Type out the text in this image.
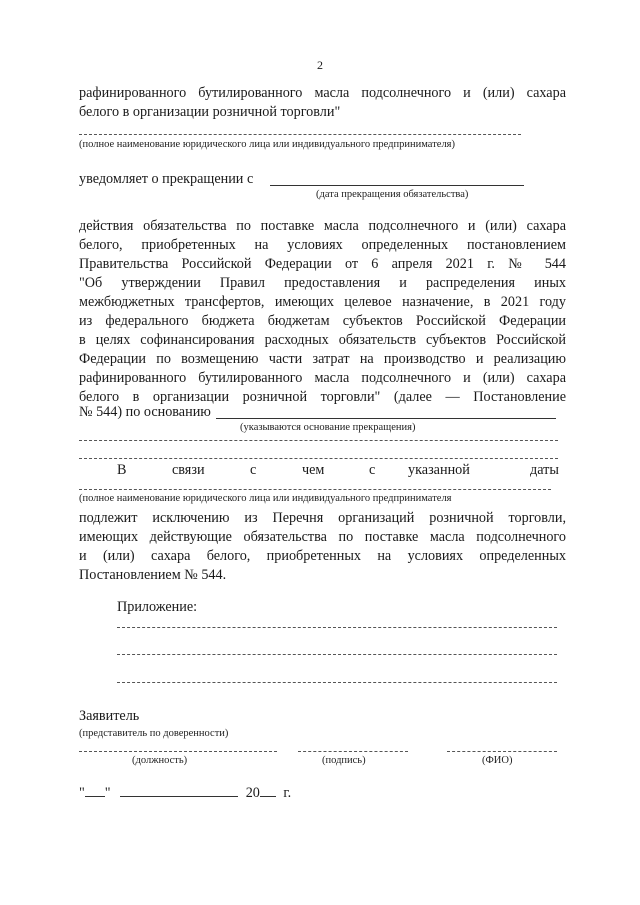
2
рафинированного бутилированного масла подсолнечного и (или) сахара
белого в организации розничной торговли"
(полное наименование юридического лица или индивидуального предпринимателя)
уведомляет о прекращении с
(дата прекращения обязательства)
действия обязательства по поставке масла подсолнечного и (или) сахара
белого, приобретенных на условиях определенных постановлением
Правительства Российской Федерации от 6 апреля 2021 г. № 544
"Об утверждении Правил предоставления и распределения иных
межбюджетных трансфертов, имеющих целевое назначение, в 2021 году
из федерального бюджета бюджетам субъектов Российской Федерации
в целях софинансирования расходных обязательств субъектов Российской
Федерации по возмещению части затрат на производство и реализацию
рафинированного бутилированного масла подсолнечного и (или) сахара
белого в организации розничной торговли" (далее — Постановление
№ 544) по основанию
(указываются основание прекращения)
В	связи	с	чем	с указанной	даты
(полное наименование юридического лица или индивидуального предпринимателя
подлежит исключению из Перечня организаций розничной торговли,
имеющих действующие обязательства по поставке масла подсолнечного
и (или) сахара белого, приобретенных на условиях определенных
Постановлением № 544.
Приложение:
Заявитель
(представитель по доверенности)
(должность)	(подпись)	(ФИО)
" "	20 г.
